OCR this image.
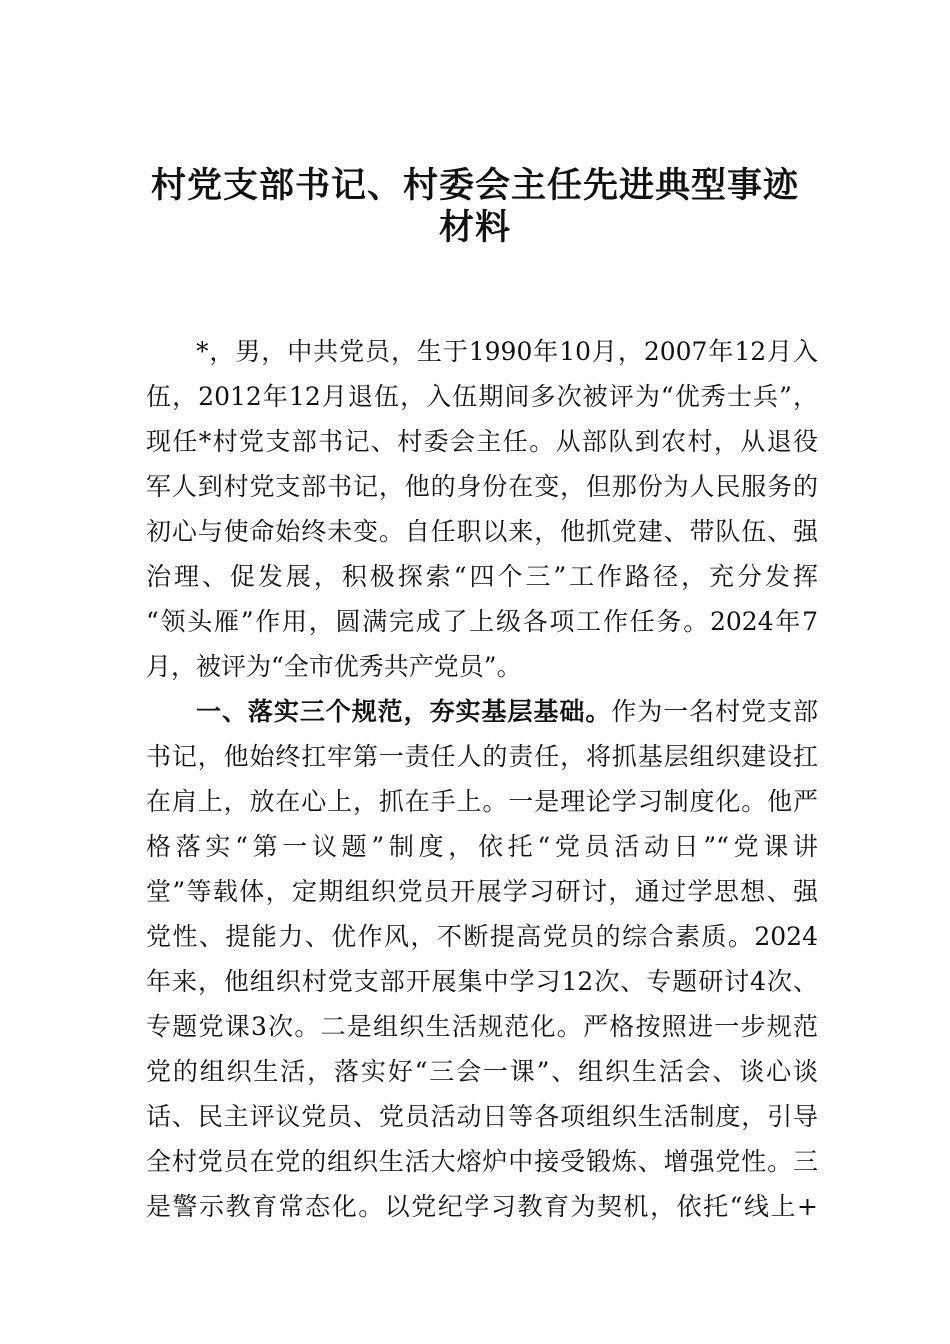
村党支部书记、村委会主任先进典型事迹
材料
*，男，中共党员，生于1990年10月，2007年12月入
伍，2012年12月退伍，入伍期间多次被评为“优秀士兵”，
现任*村党支部书记、村委会主任。从部队到农村，从退役
军人到村党支部书记，他的身份在变，但那份为人民服务的
初心与使命始终未变。自任职以来，他抓党建、带队伍、强
治理、促发展，积极探索“四个三”工作路径，充分发挥
“领头雁”作用，圆满完成了上级各项工作任务。2024年7
月，被评为“全市优秀共产党员”。
一、落实三个规范，夯实基层基础。作为一名村党支部
书记，他始终扛牢第一责任人的责任，将抓基层组织建设扛
在肩上，放在心上，抓在手上。一是理论学习制度化。他严
格落实“第一议题”制度，依托“党员活动日”“党课讲
堂”等载体，定期组织党员开展学习研讨，通过学思想、强
党性、提能力、优作风，不断提高党员的综合素质。2024
年来，他组织村党支部开展集中学习12次、专题研讨4次、
专题党课3次。二是组织生活规范化。严格按照进一步规范
党的组织生活，落实好“三会一课”、组织生活会、谈心谈
话、民主评议党员、党员活动日等各项组织生活制度，引导
全村党员在党的组织生活大熔炉中接受锻炼、增强党性。三
是警示教育常态化。以党纪学习教育为契机，依托“线上+
